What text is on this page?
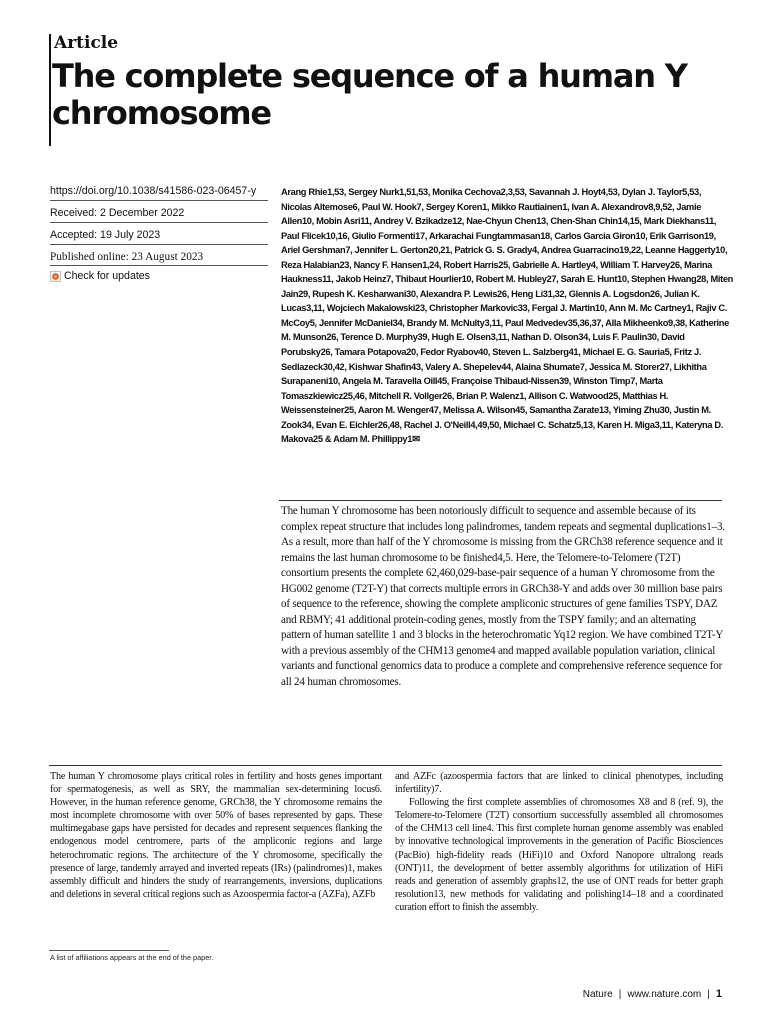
Article
The complete sequence of a human Y chromosome
https://doi.org/10.1038/s41586-023-06457-y
Received: 2 December 2022
Accepted: 19 July 2023
Published online: 23 August 2023
Check for updates
Arang Rhie1,53, Sergey Nurk1,51,53, Monika Cechova2,3,53, Savannah J. Hoyt4,53, Dylan J. Taylor5,53, Nicolas Altemose6, Paul W. Hook7, Sergey Koren1, Mikko Rautiainen1, Ivan A. Alexandrov8,9,52, Jamie Allen10, Mobin Asri11, Andrey V. Bzikadze12, Nae-Chyun Chen13, Chen-Shan Chin14,15, Mark Diekhans11, Paul Flicek10,16, Giulio Formenti17, Arkarachai Fungtammasan18, Carlos Garcia Giron10, Erik Garrison19, Ariel Gershman7, Jennifer L. Gerton20,21, Patrick G. S. Grady4, Andrea Guarracino19,22, Leanne Haggerty10, Reza Halabian23, Nancy F. Hansen1,24, Robert Harris25, Gabrielle A. Hartley4, William T. Harvey26, Marina Haukness11, Jakob Heinz7, Thibaut Hourlier10, Robert M. Hubley27, Sarah E. Hunt10, Stephen Hwang28, Miten Jain29, Rupesh K. Kesharwani30, Alexandra P. Lewis26, Heng Li31,32, Glennis A. Logsdon26, Julian K. Lucas3,11, Wojciech Makalowski23, Christopher Markovic33, Fergal J. Martin10, Ann M. Mc Cartney1, Rajiv C. McCoy5, Jennifer McDaniel34, Brandy M. McNulty3,11, Paul Medvedev35,36,37, Alla Mikheenko9,38, Katherine M. Munson26, Terence D. Murphy39, Hugh E. Olsen3,11, Nathan D. Olson34, Luis F. Paulin30, David Porubsky26, Tamara Potapova20, Fedor Ryabov40, Steven L. Salzberg41, Michael E. G. Sauria5, Fritz J. Sedlazeck30,42, Kishwar Shafin43, Valery A. Shepelev44, Alaina Shumate7, Jessica M. Storer27, Likhitha Surapaneni10, Angela M. Taravella Oill45, Françoise Thibaud-Nissen39, Winston Timp7, Marta Tomaszkiewicz25,46, Mitchell R. Vollger26, Brian P. Walenz1, Allison C. Watwood25, Matthias H. Weissensteiner25, Aaron M. Wenger47, Melissa A. Wilson45, Samantha Zarate13, Yiming Zhu30, Justin M. Zook34, Evan E. Eichler26,48, Rachel J. O'Neill4,49,50, Michael C. Schatz5,13, Karen H. Miga3,11, Kateryna D. Makova25 & Adam M. Phillippy1✉
The human Y chromosome has been notoriously difficult to sequence and assemble because of its complex repeat structure that includes long palindromes, tandem repeats and segmental duplications1–3. As a result, more than half of the Y chromosome is missing from the GRCh38 reference sequence and it remains the last human chromosome to be finished4,5. Here, the Telomere-to-Telomere (T2T) consortium presents the complete 62,460,029-base-pair sequence of a human Y chromosome from the HG002 genome (T2T-Y) that corrects multiple errors in GRCh38-Y and adds over 30 million base pairs of sequence to the reference, showing the complete ampliconic structures of gene families TSPY, DAZ and RBMY; 41 additional protein-coding genes, mostly from the TSPY family; and an alternating pattern of human satellite 1 and 3 blocks in the heterochromatic Yq12 region. We have combined T2T-Y with a previous assembly of the CHM13 genome4 and mapped available population variation, clinical variants and functional genomics data to produce a complete and comprehensive reference sequence for all 24 human chromosomes.

The human Y chromosome plays critical roles in fertility and hosts genes important for spermatogenesis, as well as SRY, the mammalian sex-determining locus6. However, in the human reference genome, GRCh38, the Y chromosome remains the most incomplete chromosome with over 50% of bases represented by gaps. These multimegabase gaps have persisted for decades and represent sequences flanking the endogenous model centromere, parts of the ampliconic regions and large heterochromatic regions. The architecture of the Y chromosome, specifically the presence of large, tandemly arrayed and inverted repeats (IRs) (palindromes)1, makes assembly difficult and hinders the study of rearrangements, inversions, duplications and deletions in several critical regions such as Azoospermia factor-a (AZFa), AZFb

and AZFc (azoospermia factors that are linked to clinical phenotypes, including infertility)7.

Following the first complete assemblies of chromosomes X8 and 8 (ref. 9), the Telomere-to-Telomere (T2T) consortium successfully assembled all chromosomes of the CHM13 cell line4. This first complete human genome assembly was enabled by innovative technological improvements in the generation of Pacific Biosciences (PacBio) high-fidelity reads (HiFi)10 and Oxford Nanopore ultralong reads (ONT)11, the development of better assembly algorithms for utilization of HiFi reads and generation of assembly graphs12, the use of ONT reads for better graph resolution13, new methods for validating and polishing14–18 and a coordinated curation effort to finish the assembly.

A list of affiliations appears at the end of the paper.
Nature | www.nature.com | 1
